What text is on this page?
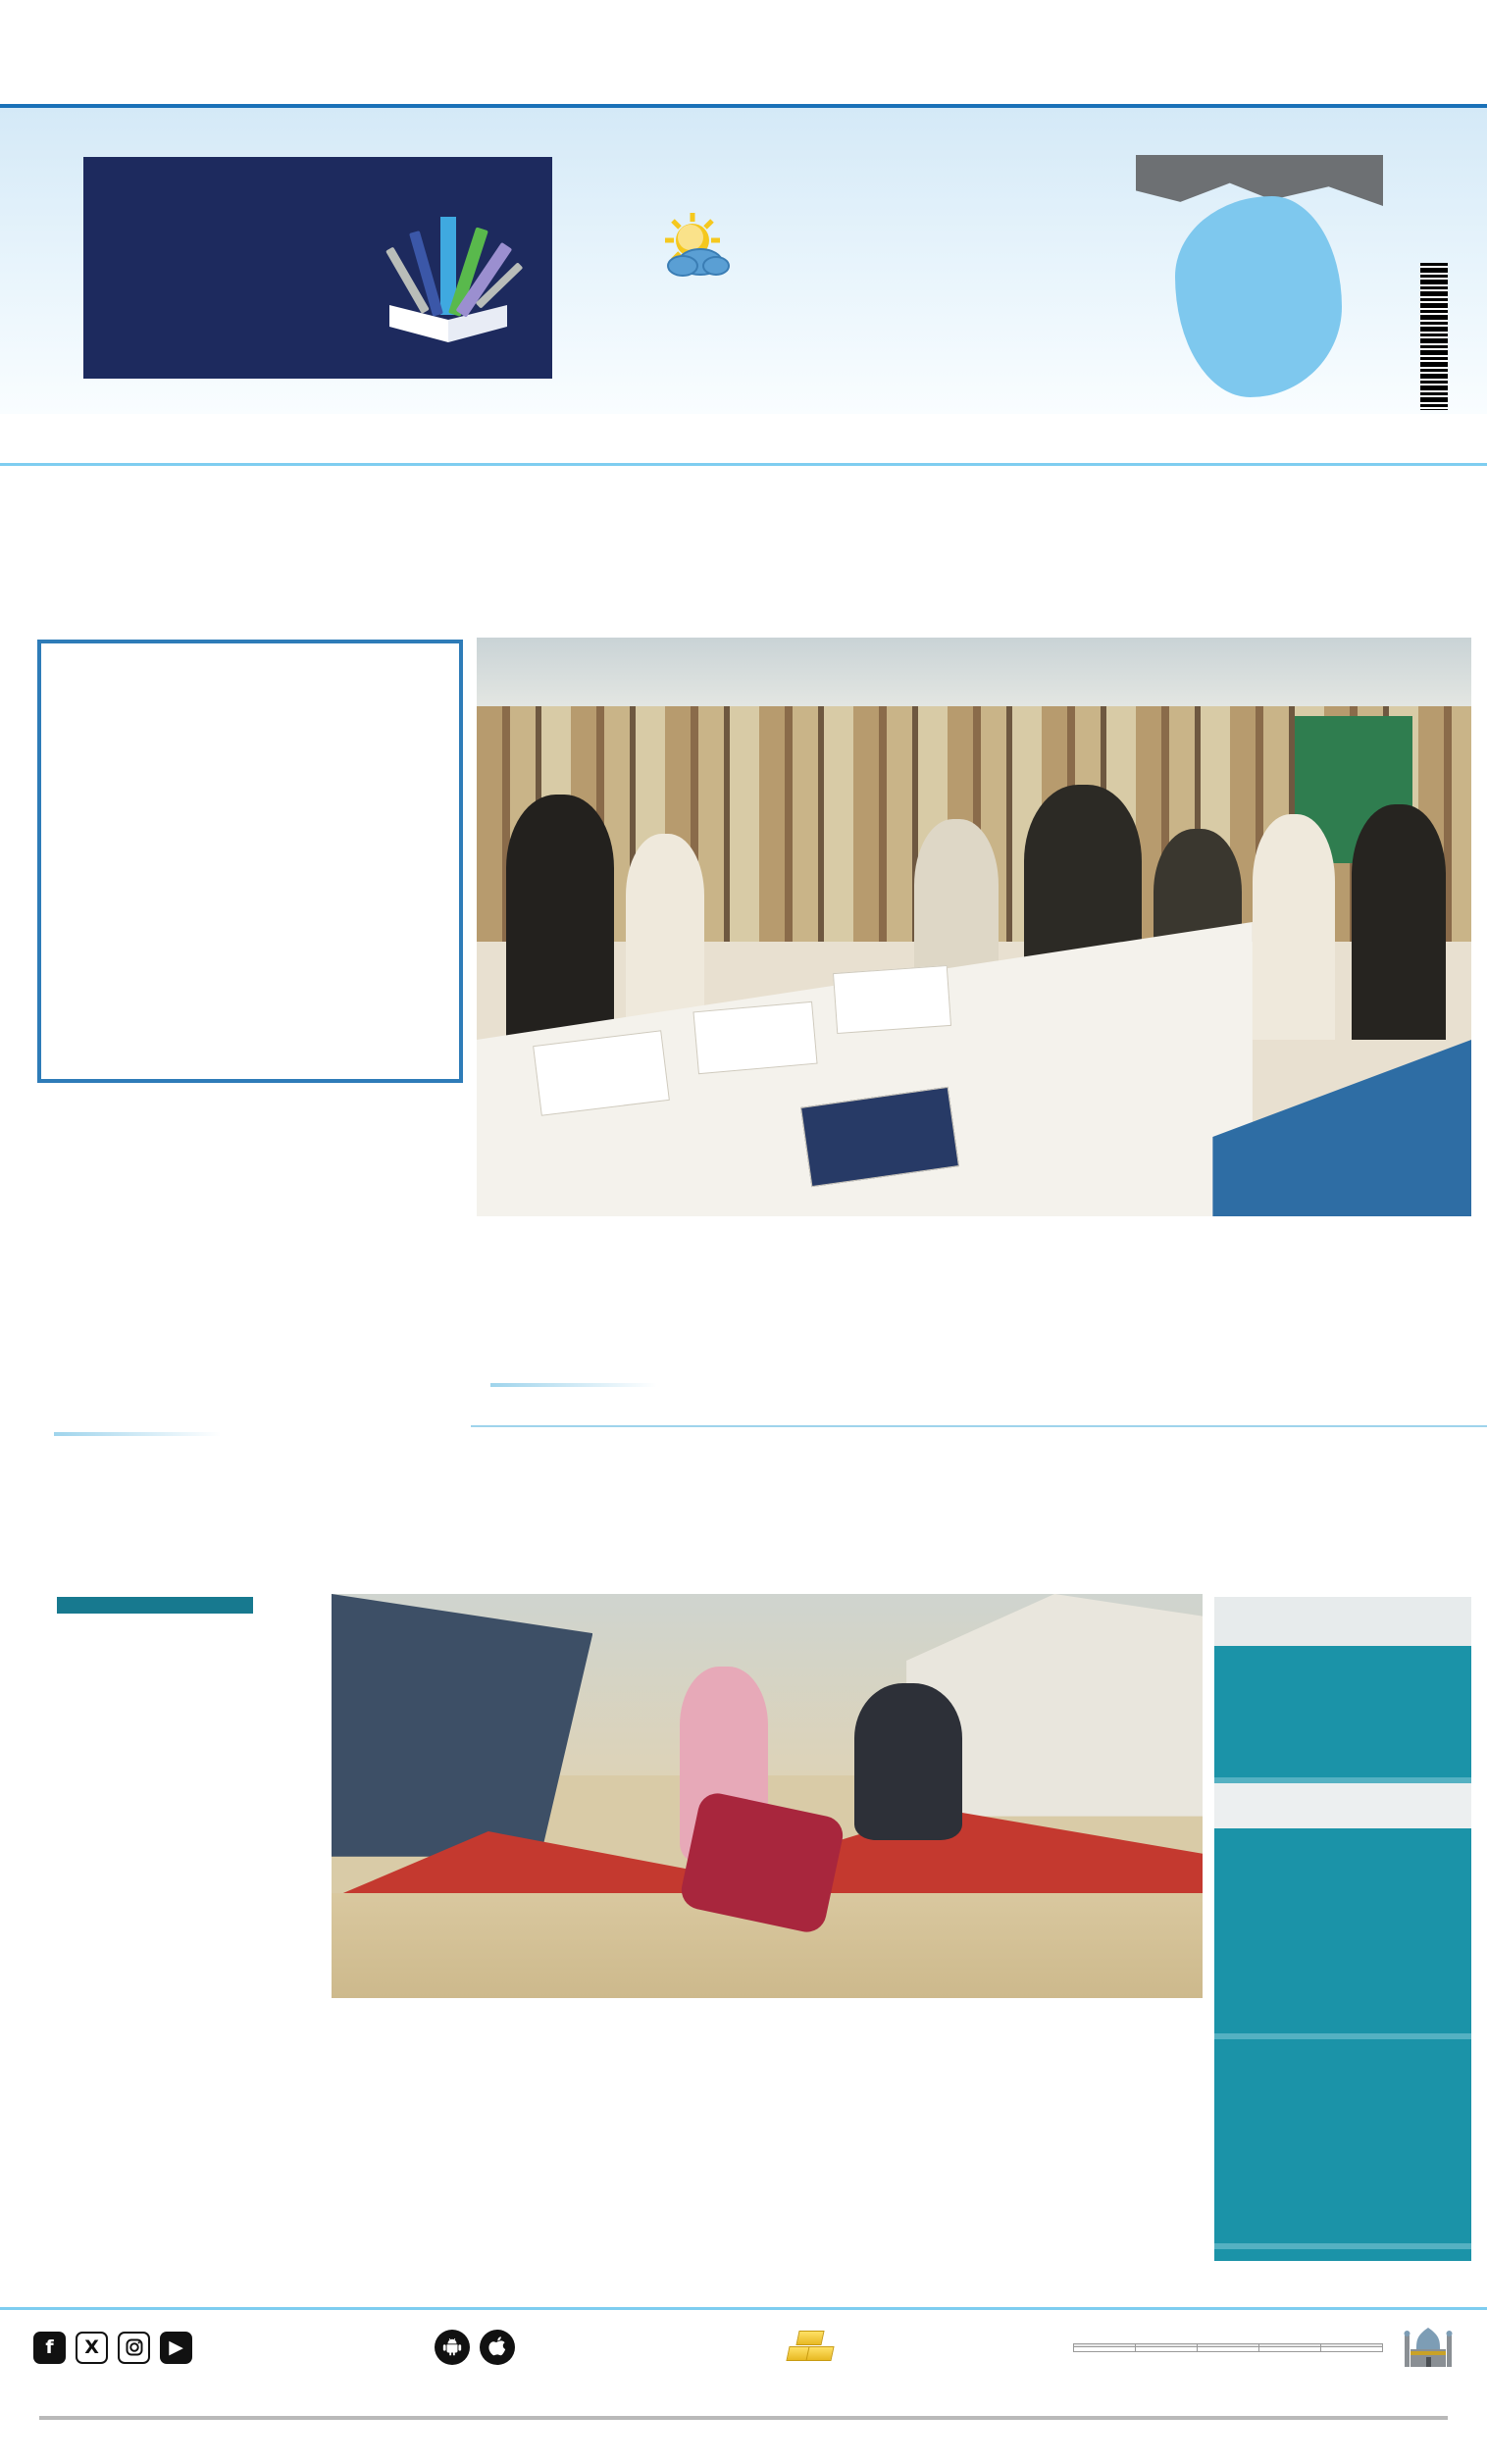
f	X	▶
